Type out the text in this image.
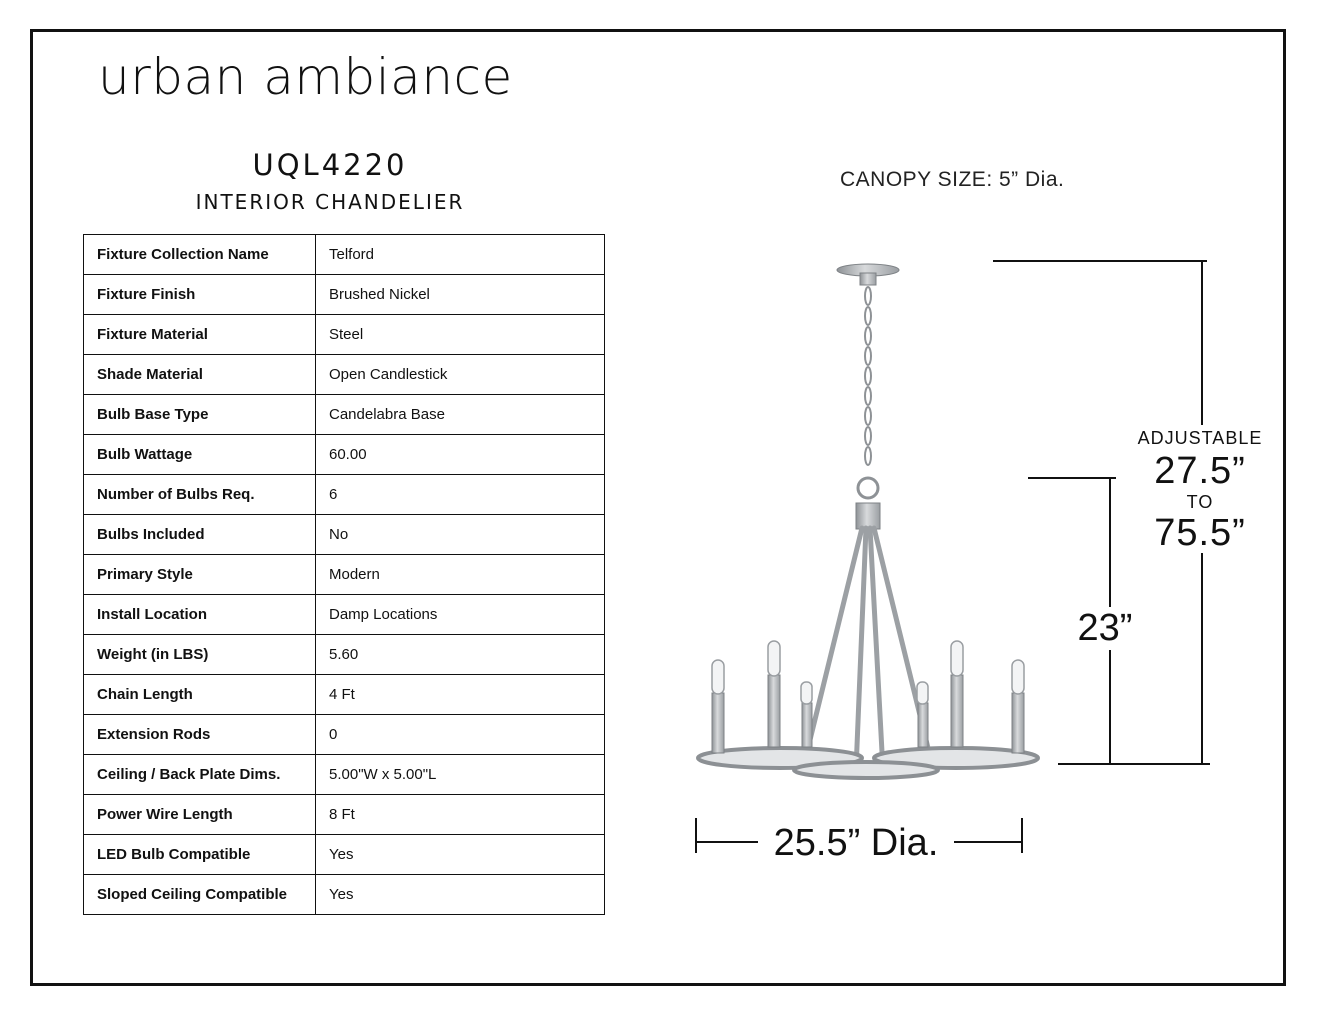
urban ambiance
UQL4220
INTERIOR CHANDELIER
Fixture Collection Name	Telford
Fixture Finish	Brushed Nickel
Fixture Material	Steel
Shade Material	Open Candlestick
Bulb Base Type	Candelabra Base
Bulb Wattage	60.00
Number of Bulbs Req.	6
Bulbs Included	No
Primary Style	Modern
Install Location	Damp Locations
Weight (in LBS)	5.60
Chain Length	4 Ft
Extension Rods	0
Ceiling / Back Plate Dims.	5.00"W x 5.00"L
Power Wire Length	8 Ft
LED Bulb Compatible	Yes
Sloped Ceiling Compatible	Yes
CANOPY SIZE: 5” Dia.
ADJUSTABLE
27.5”
TO
75.5”
23”
25.5” Dia.
